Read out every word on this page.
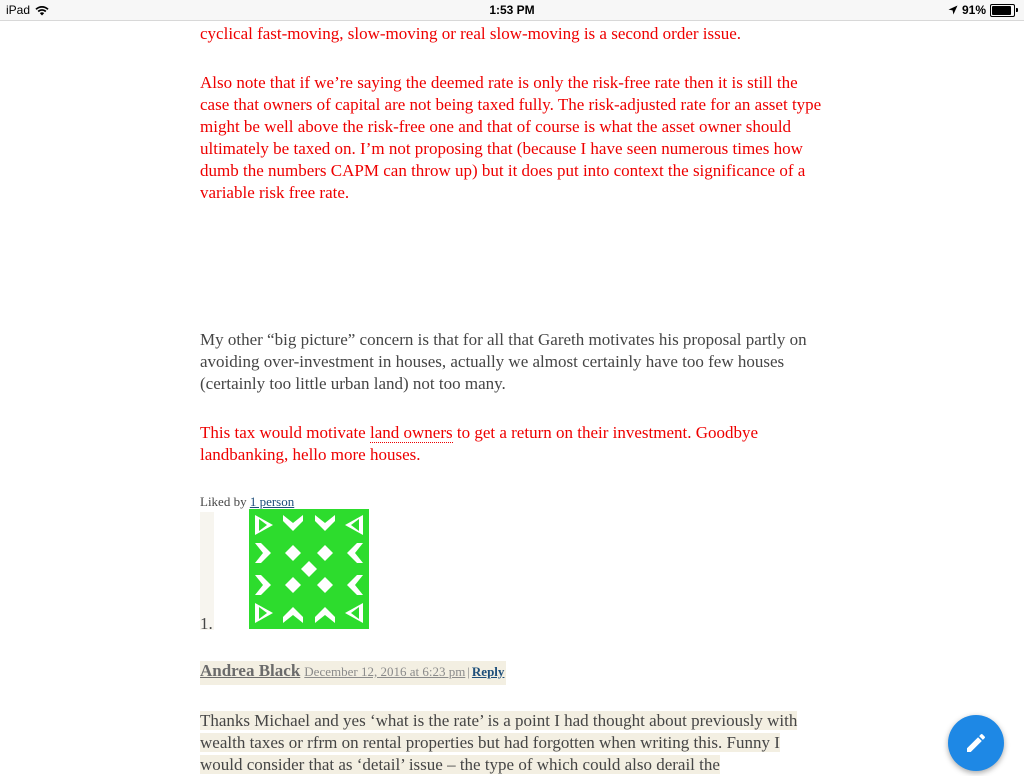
iPad	1:53 PM	91%

cyclical fast-moving, slow-moving or real slow-moving is a second order issue.

Also note that if we’re saying the deemed rate is only the risk-free rate then it is still the case that owners of capital are not being taxed fully. The risk-adjusted rate for an asset type might be well above the risk-free one and that of course is what the asset owner should ultimately be taxed on. I’m not proposing that (because I have seen numerous times how dumb the numbers CAPM can throw up) but it does put into context the significance of a variable risk free rate.

My other “big picture” concern is that for all that Gareth motivates his proposal partly on avoiding over-investment in houses, actually we almost certainly have too few houses (certainly too little urban land) not too many.

This tax would motivate land owners to get a return on their investment. Goodbye landbanking, hello more houses.

Liked by 1 person
1.
Andrea Black December 12, 2016 at 6:23 pm | Reply
Thanks Michael and yes ‘what is the rate’ is a point I had thought about previously with wealth taxes or rfrm on rental properties but had forgotten when writing this. Funny I would consider that as ‘detail’ issue – the type of which could also derail the
